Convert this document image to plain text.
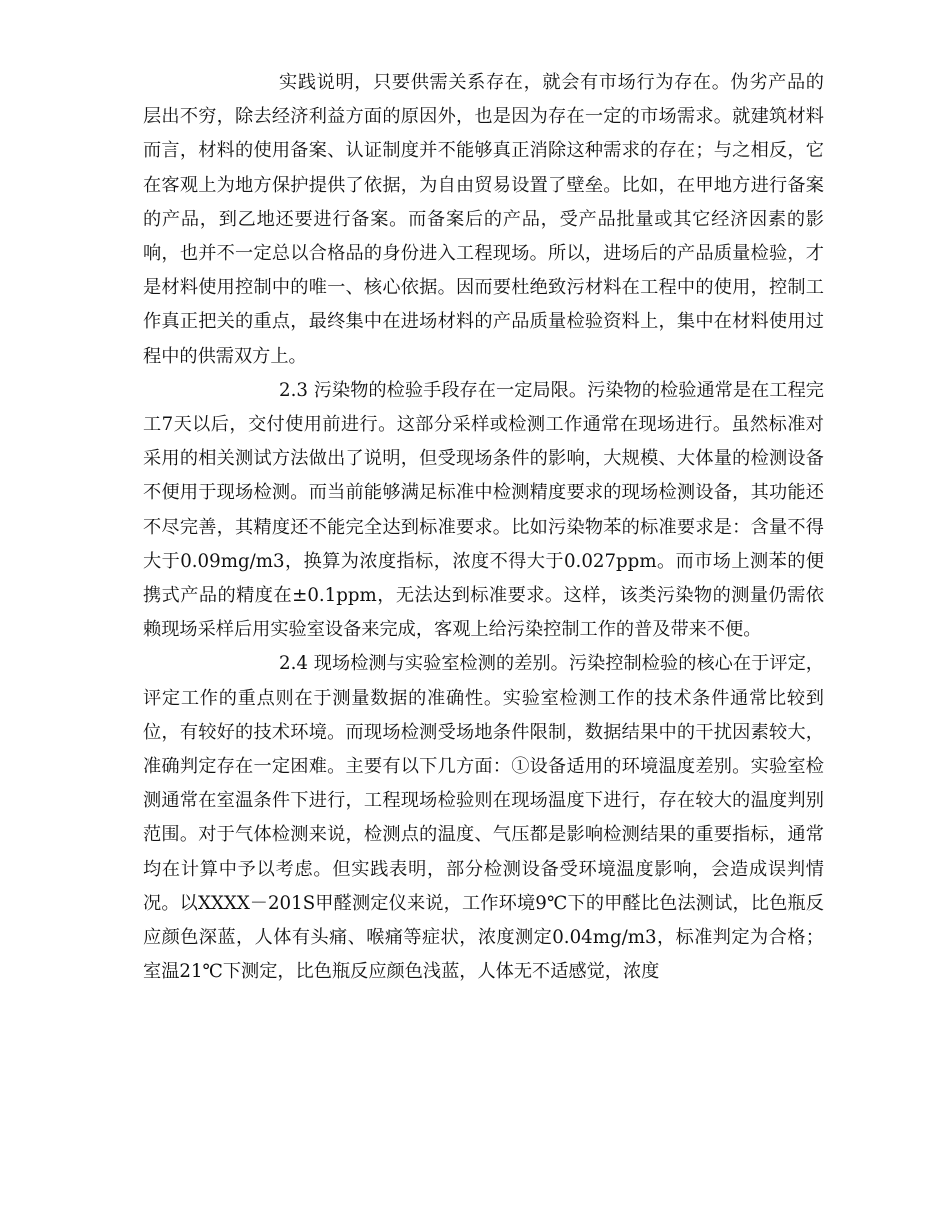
实践说明，只要供需关系存在，就会有市场行为存在。伪劣产品的层出不穷，除去经济利益方面的原因外，也是因为存在一定的市场需求。就建筑材料而言，材料的使用备案、认证制度并不能够真正消除这种需求的存在；与之相反，它在客观上为地方保护提供了依据，为自由贸易设置了壁垒。比如，在甲地方进行备案的产品，到乙地还要进行备案。而备案后的产品，受产品批量或其它经济因素的影响，也并不一定总以合格品的身份进入工程现场。所以，进场后的产品质量检验，才是材料使用控制中的唯一、核心依据。因而要杜绝致污材料在工程中的使用，控制工作真正把关的重点，最终集中在进场材料的产品质量检验资料上，集中在材料使用过程中的供需双方上。

2.3 污染物的检验手段存在一定局限。污染物的检验通常是在工程完工7天以后，交付使用前进行。这部分采样或检测工作通常在现场进行。虽然标准对采用的相关测试方法做出了说明，但受现场条件的影响，大规模、大体量的检测设备不便用于现场检测。而当前能够满足标准中检测精度要求的现场检测设备，其功能还不尽完善，其精度还不能完全达到标准要求。比如污染物苯的标准要求是：含量不得大于0.09mg/m3，换算为浓度指标，浓度不得大于0.027ppm。而市场上测苯的便携式产品的精度在±0.1ppm，无法达到标准要求。这样，该类污染物的测量仍需依赖现场采样后用实验室设备来完成，客观上给污染控制工作的普及带来不便。

2.4 现场检测与实验室检测的差别。污染控制检验的核心在于评定，评定工作的重点则在于测量数据的准确性。实验室检测工作的技术条件通常比较到位，有较好的技术环境。而现场检测受场地条件限制，数据结果中的干扰因素较大，准确判定存在一定困难。主要有以下几方面：①设备适用的环境温度差别。实验室检测通常在室温条件下进行，工程现场检验则在现场温度下进行，存在较大的温度判别范围。对于气体检测来说，检测点的温度、气压都是影响检测结果的重要指标，通常均在计算中予以考虑。但实践表明，部分检测设备受环境温度影响，会造成误判情况。以XXXX－201S甲醛测定仪来说，工作环境9℃下的甲醛比色法测试，比色瓶反应颜色深蓝，人体有头痛、喉痛等症状，浓度测定0.04mg/m3，标准判定为合格；室温21℃下测定，比色瓶反应颜色浅蓝，人体无不适感觉，浓度
